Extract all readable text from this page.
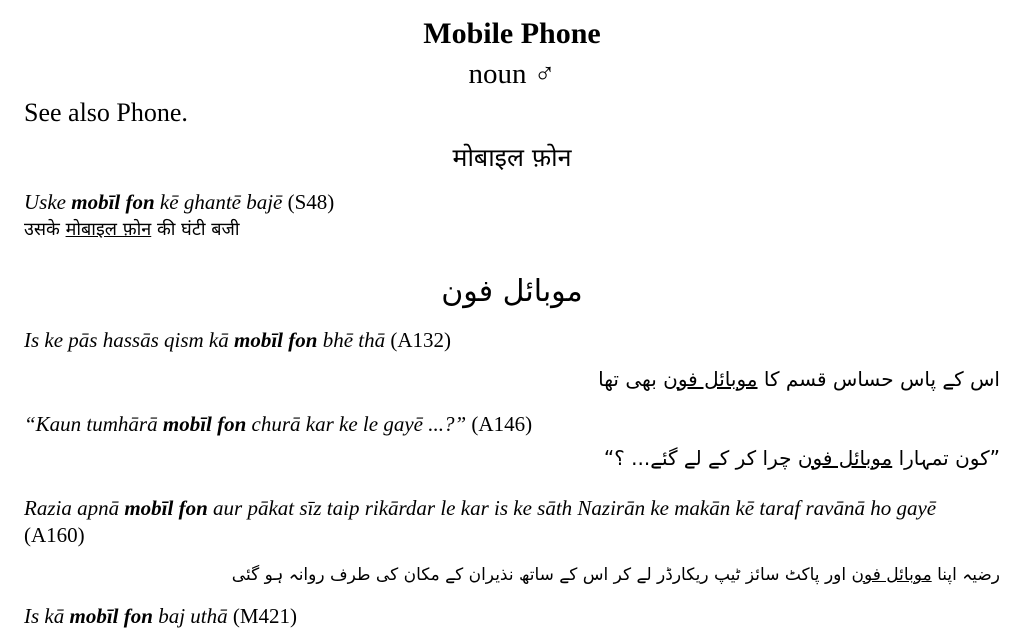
Mobile Phone
noun ♂
See also Phone.
मोबाइल फ़ोन
Uske mobīl fon kē ghantē bajē (S48)
उसके मोबाइल फ़ोन की घंटी बजी
موبائل فون
Is ke pās hassās qism kā mobīl fon bhē thā (A132)
اس کے پاس حساس قسم کا موبائل فون بھی تھا
“Kaun tumhārā mobīl fon churā kar ke le gayē ...?” (A146)
”کون تمہارا موبائل فون چرا کر کے لے گئے... ؟“
Razia apnā mobīl fon aur pākat sīz taip rikārdar le kar is ke sāth Nazirān ke makān kē taraf ravānā ho gayē (A160)
رضیہ اپنا موبائل فون اور پاکٹ سائز ٹیپ ریکارڈر لے کر اس کے ساتھ نذیران کے مکان کی طرف روانہ ہو گئی
Is kā mobīl fon baj uthā (M421)
